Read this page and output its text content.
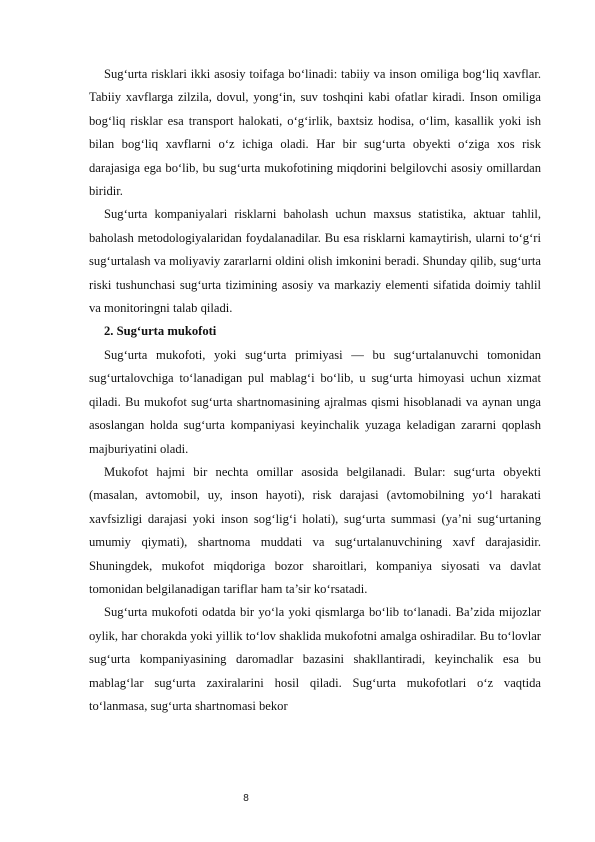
Sug‘urta risklari ikki asosiy toifaga bo‘linadi: tabiiy va inson omiliga bog‘liq xavflar. Tabiiy xavflarga zilzila, dovul, yong‘in, suv toshqini kabi ofatlar kiradi. Inson omiliga bog‘liq risklar esa transport halokati, o‘g‘irlik, baxtsiz hodisa, o‘lim, kasallik yoki ish bilan bog‘liq xavflarni o‘z ichiga oladi. Har bir sug‘urta obyekti o‘ziga xos risk darajasiga ega bo‘lib, bu sug‘urta mukofotining miqdorini belgilovchi asosiy omillardan biridir.

Sug‘urta kompaniyalari risklarni baholash uchun maxsus statistika, aktuar tahlil, baholash metodologiyalaridan foydalanadilar. Bu esa risklarni kamaytirish, ularni to‘g‘ri sug‘urtalash va moliyaviy zararlarni oldini olish imkonini beradi. Shunday qilib, sug‘urta riski tushunchasi sug‘urta tizimining asosiy va markaziy elementi sifatida doimiy tahlil va monitoringni talab qiladi.

2. Sug‘urta mukofoti

Sug‘urta mukofoti, yoki sug‘urta primiyasi — bu sug‘urtalanuvchi tomonidan sug‘urtalovchiga to‘lanadigan pul mablag‘i bo‘lib, u sug‘urta himoyasi uchun xizmat qiladi. Bu mukofot sug‘urta shartnomasining ajralmas qismi hisoblanadi va aynan unga asoslangan holda sug‘urta kompaniyasi keyinchalik yuzaga keladigan zararni qoplash majburiyatini oladi.

Mukofot hajmi bir nechta omillar asosida belgilanadi. Bular: sug‘urta obyekti (masalan, avtomobil, uy, inson hayoti), risk darajasi (avtomobilning yo‘l harakati xavfsizligi darajasi yoki inson sog‘lig‘i holati), sug‘urta summasi (ya’ni sug‘urtaning umumiy qiymati), shartnoma muddati va sug‘urtalanuvchining xavf darajasidir. Shuningdek, mukofot miqdoriga bozor sharoitlari, kompaniya siyosati va davlat tomonidan belgilanadigan tariflar ham ta’sir ko‘rsatadi.

Sug‘urta mukofoti odatda bir yo‘la yoki qismlarga bo‘lib to‘lanadi. Ba’zida mijozlar oylik, har chorakda yoki yillik to‘lov shaklida mukofotni amalga oshiradilar. Bu to‘lovlar sug‘urta kompaniyasining daromadlar bazasini shakllantiradi, keyinchalik esa bu mablag‘lar sug‘urta zaxiralarini hosil qiladi. Sug‘urta mukofotlari o‘z vaqtida to‘lanmasa, sug‘urta shartnomasi bekor

8
